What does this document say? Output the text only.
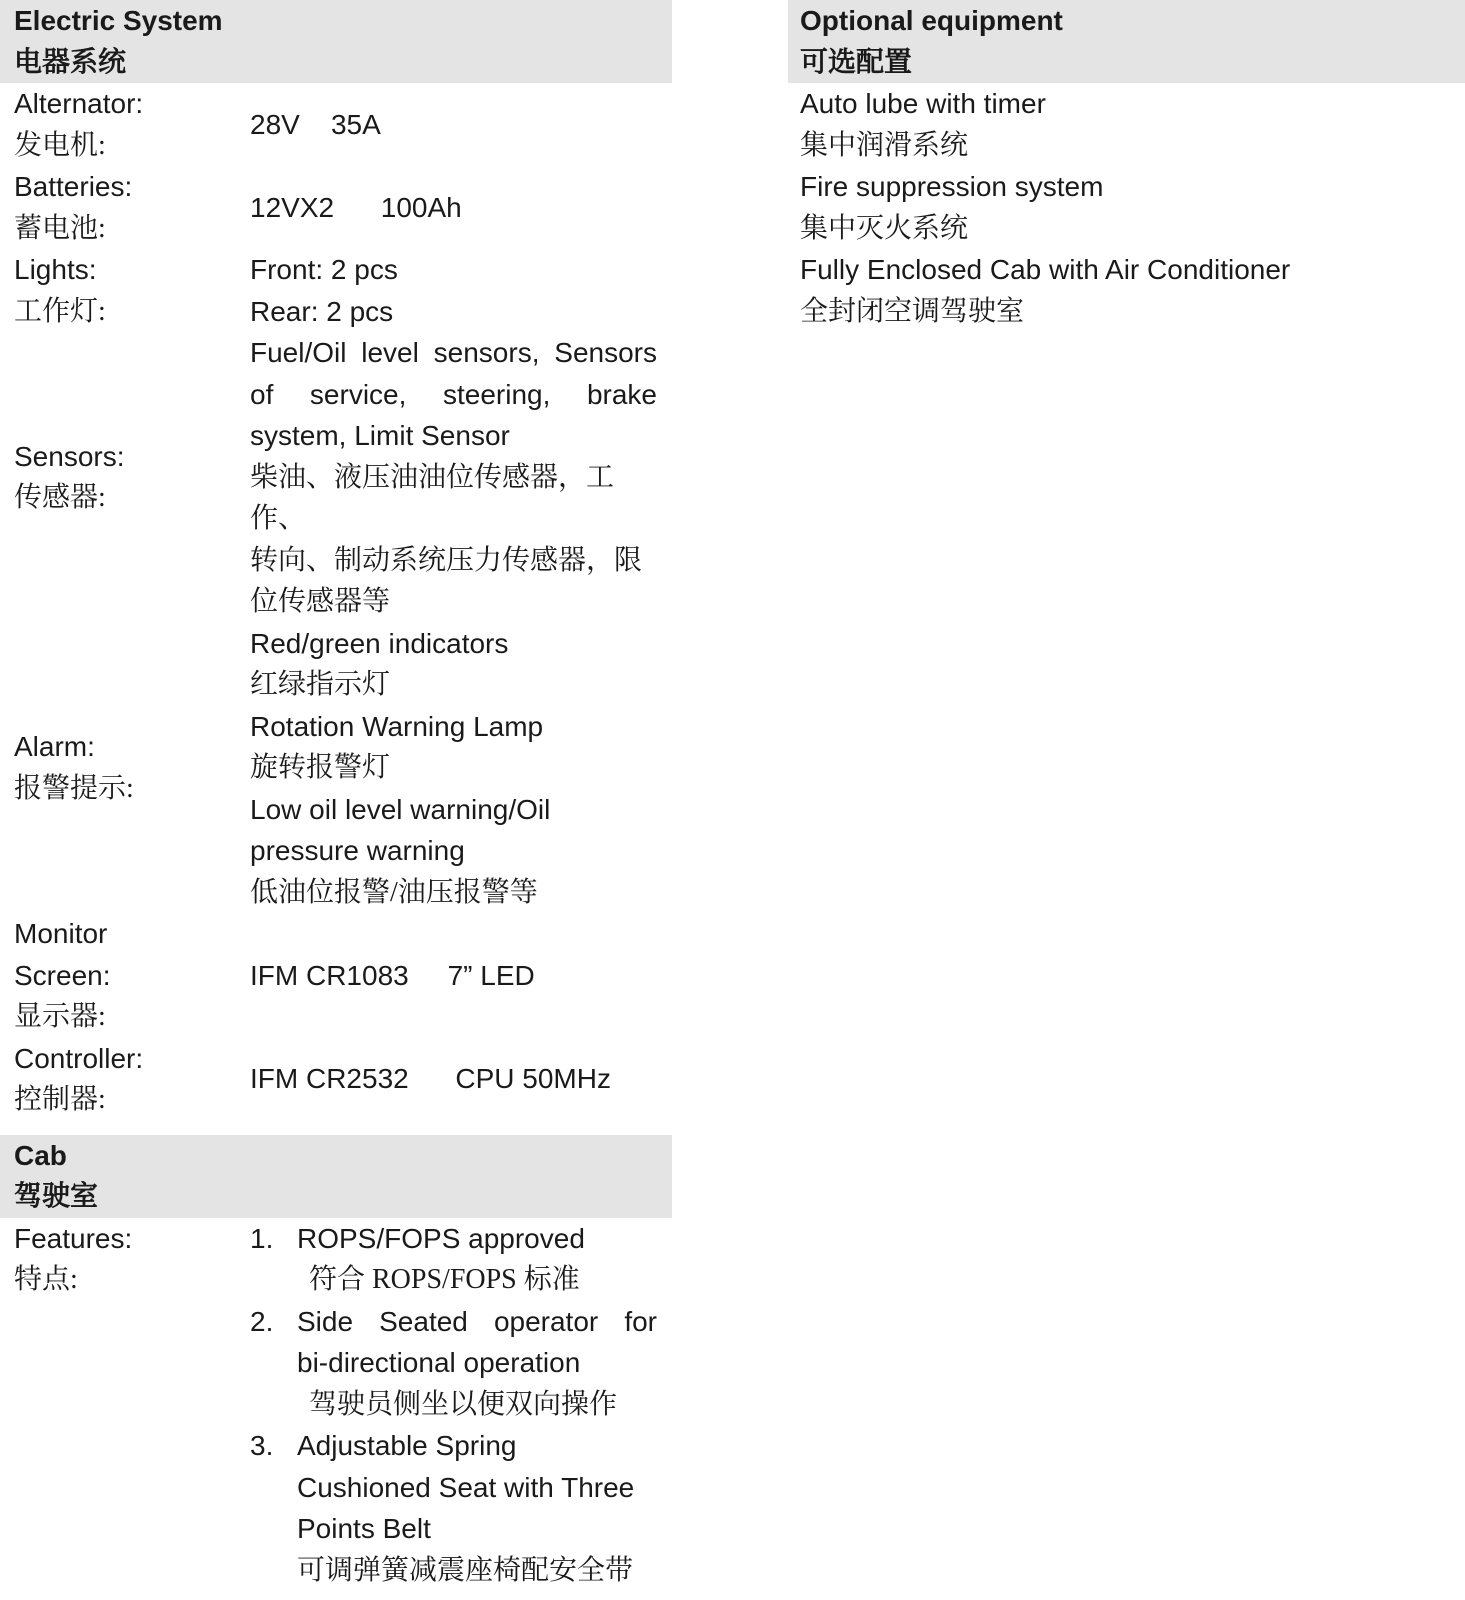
Electric System
电器系统
Alternator:
发电机:
28V    35A
Batteries:
蓄电池:
12VX2      100Ah
Lights:
工作灯:
Front: 2 pcs
Rear: 2 pcs
Sensors:
传感器:
Fuel/Oil level sensors, Sensors
of service, steering, brake
system, Limit Sensor
柴油、液压油油位传感器，工作、
转向、制动系统压力传感器，限
位传感器等
Alarm:
报警提示:
Red/green indicators
红绿指示灯
Rotation Warning Lamp
旋转报警灯
Low oil level warning/Oil
pressure warning
低油位报警/油压报警等
Monitor
Screen:
显示器:
IFM CR1083     7” LED
Controller:
控制器:
IFM CR2532      CPU 50MHz
Cab
驾驶室
Features:
特点:
1. ROPS/FOPS approved
符合 ROPS/FOPS 标准
2. Side Seated operator for
bi-directional operation
驾驶员侧坐以便双向操作
3. Adjustable Spring
Cushioned Seat with Three
Points Belt
可调弹簧减震座椅配安全带
Optional equipment
可选配置
Auto lube with timer
集中润滑系统
Fire suppression system
集中灭火系统
Fully Enclosed Cab with Air Conditioner
全封闭空调驾驶室
